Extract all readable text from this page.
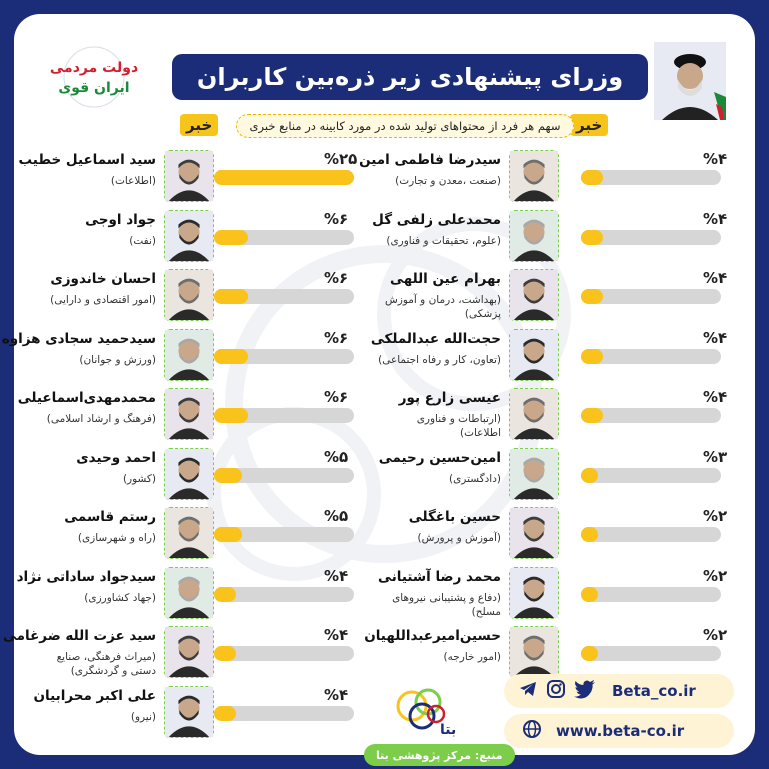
دولت مردمی
ایران قوی	وزرای پیشنهادی زیر ذره‌بین کاربران
خبر
خبر	سهم هر فرد از محتواهای تولید شده در مورد کابینه در منابع خبری
سیدرضا فاطمی امین
(صنعت ،معدن و تجارت)
%۴
محمدعلی زلفی گل
(علوم، تحقیقات و فناوری)
%۴
بهرام عین اللهی
(بهداشت، درمان و آموزش پزشکی)
%۴
حجت‌الله عبدالملکی
(تعاون، کار و رفاه اجتماعی)
%۴
عیسی زارع پور
(ارتباطات و فناوری اطلاعات)
%۴
امین‌حسین رحیمی
(دادگستری)
%۳
حسین باغگلی
(آموزش و پرورش)
%۲
محمد رضا آشتیانی
(دفاع و پشتیبانی نیروهای مسلح)
%۲
حسین‌امیرعبداللهیان
(امور خارجه)
%۲
سید اسماعیل خطیب
(اطلاعات)
%۲۵
جواد اوجی
(نفت)
%۶
احسان خاندوزی
(امور اقتصادی و دارایی)
%۶
سیدحمید سجادی هزاوه
(ورزش و جوانان)
%۶
محمدمهدی‌اسماعیلی
(فرهنگ و ارشاد اسلامی)
%۶
احمد وحیدی
(کشور)
%۵
رستم قاسمی
(راه و شهرسازی)
%۵
سیدجواد ساداتی نژاد
(جهاد کشاورزی)
%۴
سید عزت الله ضرغامی
(میراث فرهنگی، صنایع دستی و گردشگری)
%۴
علی اکبر محرابیان
(نیرو)
%۴	Beta_co.ir
www.beta-co.ir
بتا
منبع: مرکز پژوهشی بتا
